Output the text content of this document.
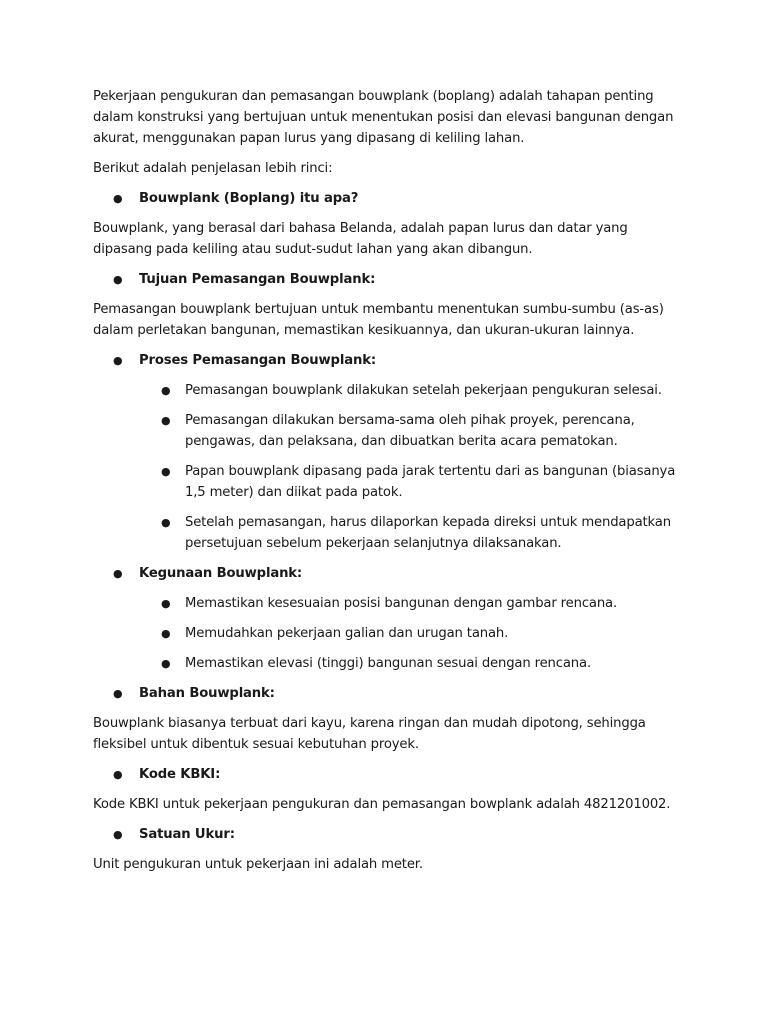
Pekerjaan pengukuran dan pemasangan bouwplank (boplang) adalah tahapan penting dalam konstruksi yang bertujuan untuk menentukan posisi dan elevasi bangunan dengan akurat, menggunakan papan lurus yang dipasang di keliling lahan.

Berikut adalah penjelasan lebih rinci:

● Bouwplank (Boplang) itu apa?

Bouwplank, yang berasal dari bahasa Belanda, adalah papan lurus dan datar yang dipasang pada keliling atau sudut-sudut lahan yang akan dibangun.

● Tujuan Pemasangan Bouwplank:

Pemasangan bouwplank bertujuan untuk membantu menentukan sumbu-sumbu (as-as) dalam perletakan bangunan, memastikan kesikuannya, dan ukuran-ukuran lainnya.

● Proses Pemasangan Bouwplank:
● Pemasangan bouwplank dilakukan setelah pekerjaan pengukuran selesai.
● Pemasangan dilakukan bersama-sama oleh pihak proyek, perencana, pengawas, dan pelaksana, dan dibuatkan berita acara pematokan.
● Papan bouwplank dipasang pada jarak tertentu dari as bangunan (biasanya 1,5 meter) dan diikat pada patok.
● Setelah pemasangan, harus dilaporkan kepada direksi untuk mendapatkan persetujuan sebelum pekerjaan selanjutnya dilaksanakan.
● Kegunaan Bouwplank:
● Memastikan kesesuaian posisi bangunan dengan gambar rencana.
● Memudahkan pekerjaan galian dan urugan tanah.
● Memastikan elevasi (tinggi) bangunan sesuai dengan rencana.
● Bahan Bouwplank:

Bouwplank biasanya terbuat dari kayu, karena ringan dan mudah dipotong, sehingga fleksibel untuk dibentuk sesuai kebutuhan proyek.

● Kode KBKI:

Kode KBKI untuk pekerjaan pengukuran dan pemasangan bowplank adalah 4821201002.

● Satuan Ukur:

Unit pengukuran untuk pekerjaan ini adalah meter.
